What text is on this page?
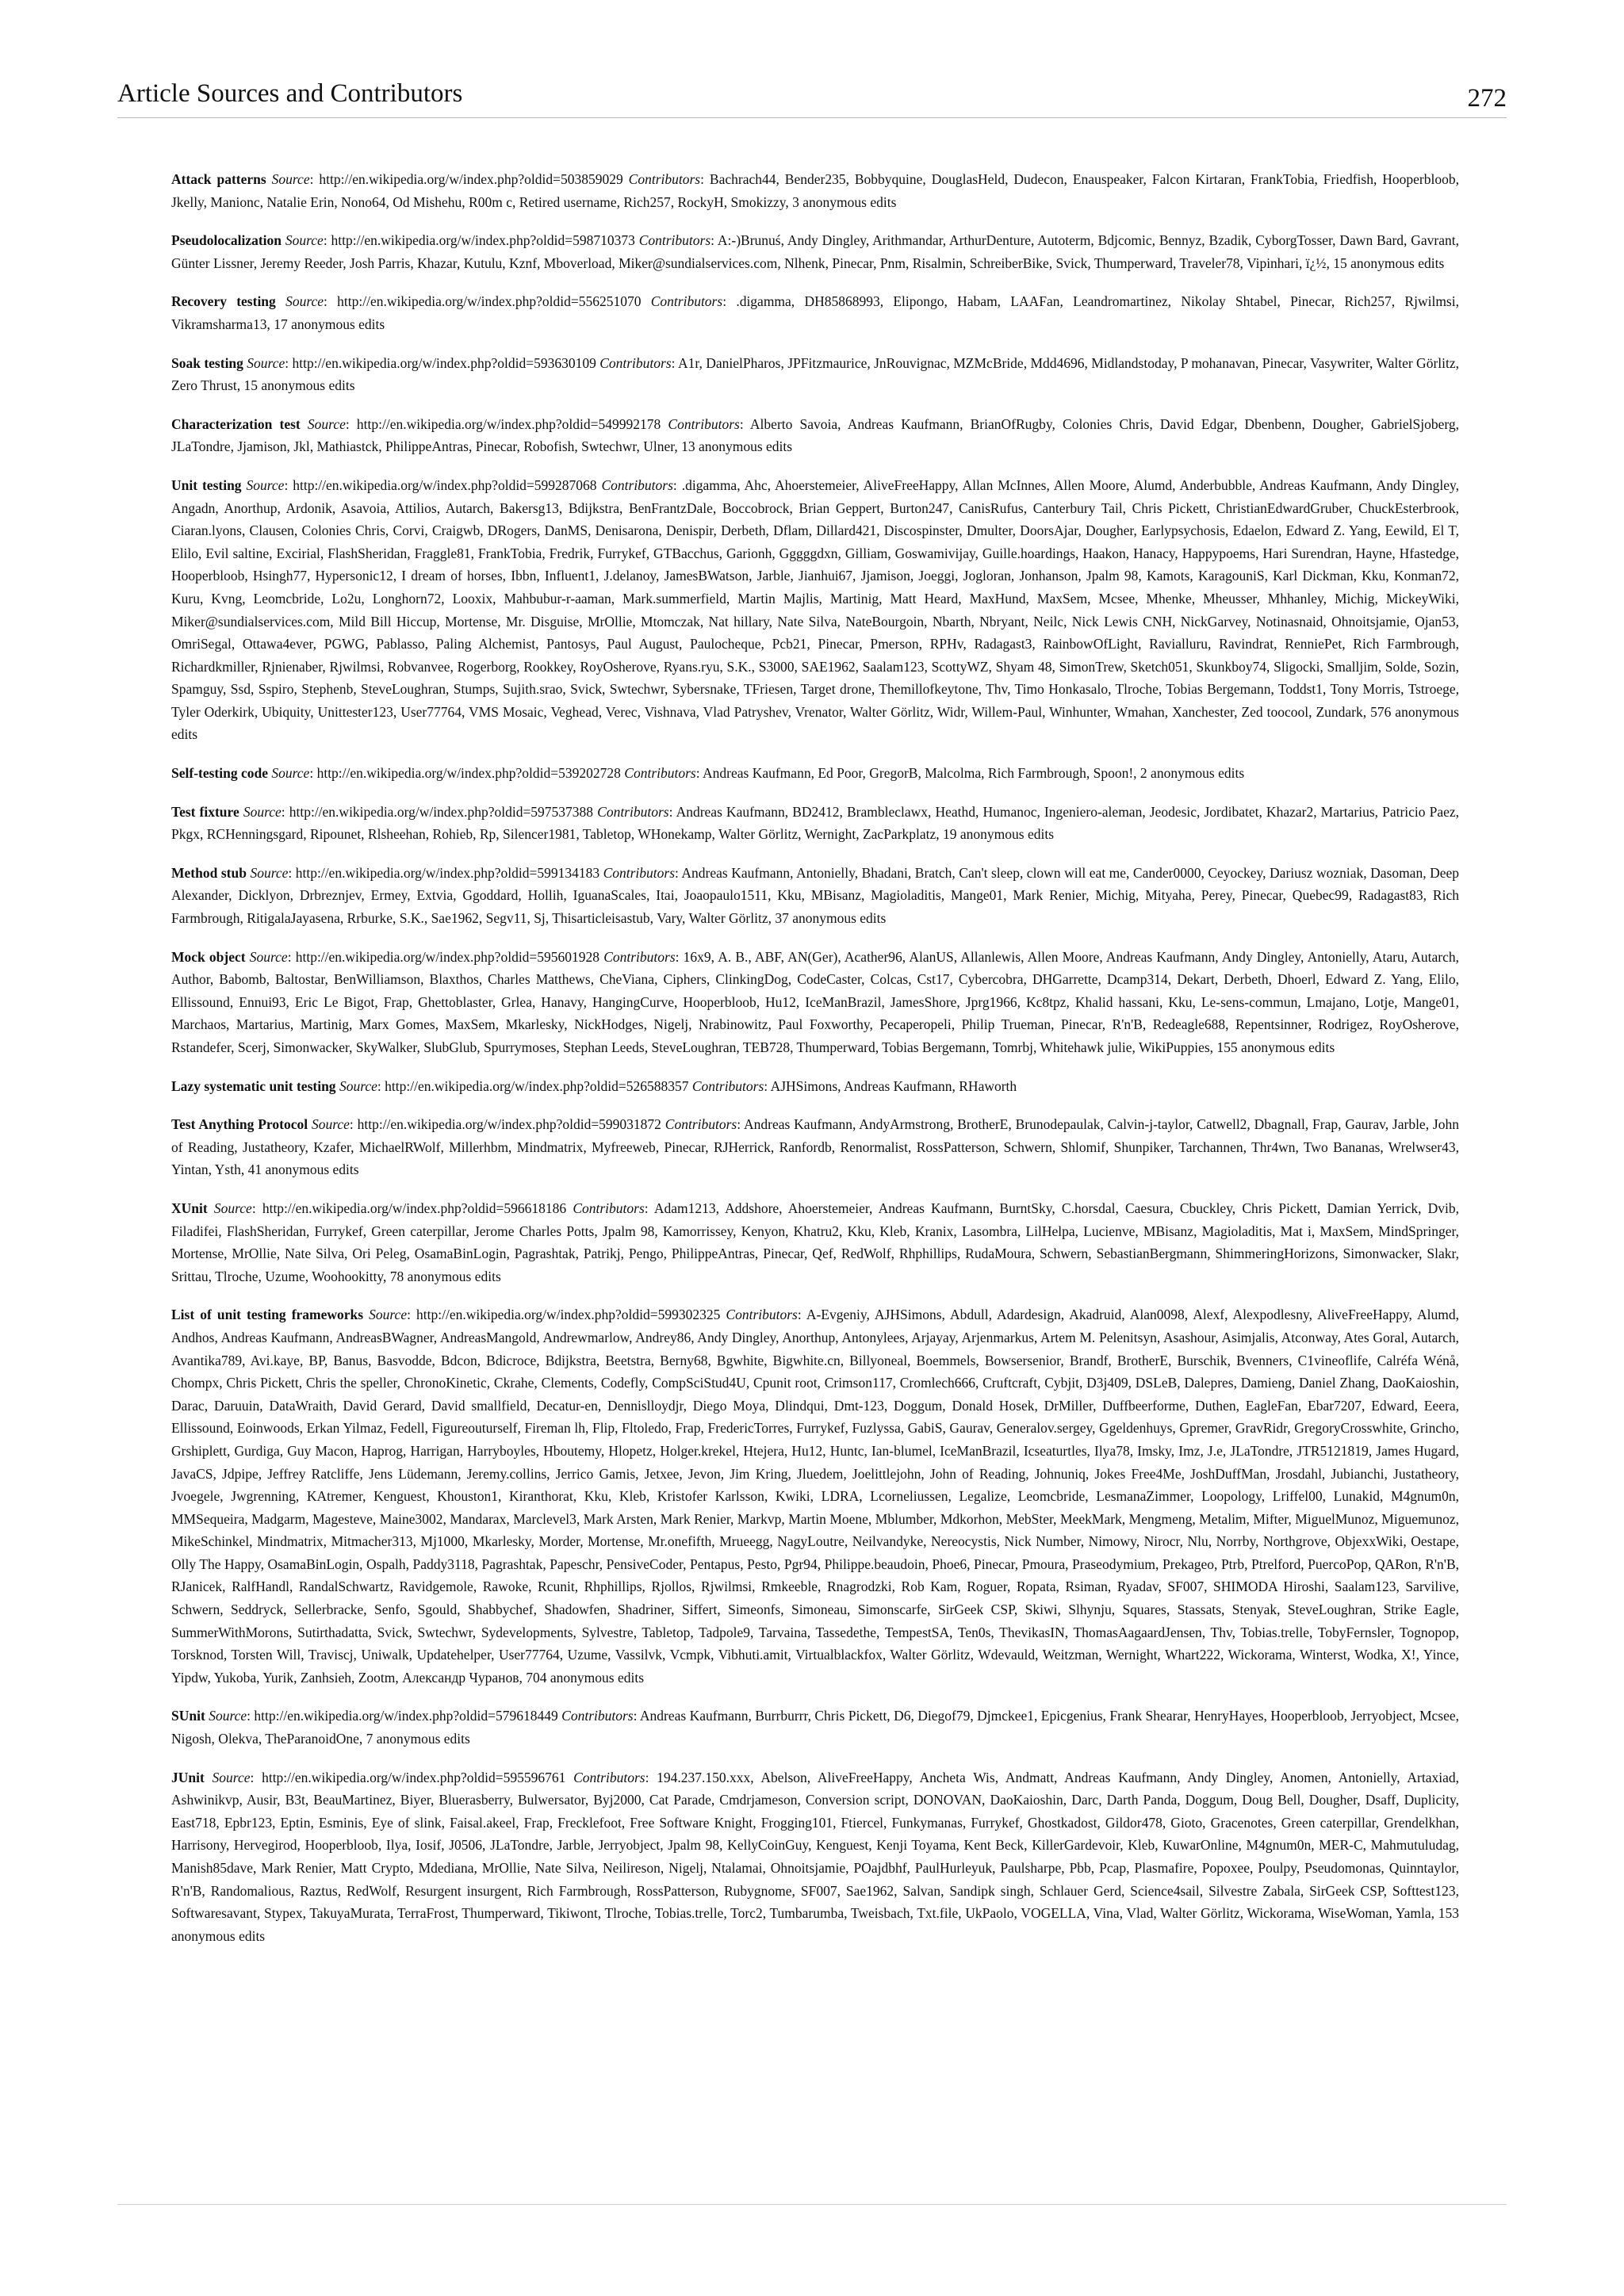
Article Sources and Contributors	272

Attack patterns Source: http://en.wikipedia.org/w/index.php?oldid=503859029 Contributors: Bachrach44, Bender235, Bobbyquine, DouglasHeld, Dudecon, Enauspeaker, Falcon Kirtaran, FrankTobia, Friedfish, Hooperbloob, Jkelly, Manionc, Natalie Erin, Nono64, Od Mishehu, R00m c, Retired username, Rich257, RockyH, Smokizzy, 3 anonymous edits

Pseudolocalization Source: http://en.wikipedia.org/w/index.php?oldid=598710373 Contributors: A:-)Brunuś, Andy Dingley, Arithmandar, ArthurDenture, Autoterm, Bdjcomic, Bennyz, Bzadik, CyborgTosser, Dawn Bard, Gavrant, Günter Lissner, Jeremy Reeder, Josh Parris, Khazar, Kutulu, Kznf, Mboverload, Miker@sundialservices.com, Nlhenk, Pinecar, Pnm, Risalmin, SchreiberBike, Svick, Thumperward, Traveler78, Vipinhari, ï¿½, 15 anonymous edits

Recovery testing Source: http://en.wikipedia.org/w/index.php?oldid=556251070 Contributors: .digamma, DH85868993, Elipongo, Habam, LAAFan, Leandromartinez, Nikolay Shtabel, Pinecar, Rich257, Rjwilmsi, Vikramsharma13, 17 anonymous edits

Soak testing Source: http://en.wikipedia.org/w/index.php?oldid=593630109 Contributors: A1r, DanielPharos, JPFitzmaurice, JnRouvignac, MZMcBride, Mdd4696, Midlandstoday, P mohanavan, Pinecar, Vasywriter, Walter Görlitz, Zero Thrust, 15 anonymous edits

Characterization test Source: http://en.wikipedia.org/w/index.php?oldid=549992178 Contributors: Alberto Savoia, Andreas Kaufmann, BrianOfRugby, Colonies Chris, David Edgar, Dbenbenn, Dougher, GabrielSjoberg, JLaTondre, Jjamison, Jkl, Mathiastck, PhilippeAntras, Pinecar, Robofish, Swtechwr, Ulner, 13 anonymous edits

Unit testing Source: http://en.wikipedia.org/w/index.php?oldid=599287068 Contributors: .digamma, Ahc, Ahoerstemeier, AliveFreeHappy, Allan McInnes, Allen Moore, Alumd, Anderbubble, Andreas Kaufmann, Andy Dingley, Angadn, Anorthup, Ardonik, Asavoia, Attilios, Autarch, Bakersg13, Bdijkstra, BenFrantzDale, Boccobrock, Brian Geppert, Burton247, CanisRufus, Canterbury Tail, Chris Pickett, ChristianEdwardGruber, ChuckEsterbrook, Ciaran.lyons, Clausen, Colonies Chris, Corvi, Craigwb, DRogers, DanMS, Denisarona, Denispir, Derbeth, Dflam, Dillard421, Discospinster, Dmulter, DoorsAjar, Dougher, Earlypsychosis, Edaelon, Edward Z. Yang, Eewild, El T, Elilo, Evil saltine, Excirial, FlashSheridan, Fraggle81, FrankTobia, Fredrik, Furrykef, GTBacchus, Garionh, Gggggdxn, Gilliam, Goswamivijay, Guille.hoardings, Haakon, Hanacy, Happypoems, Hari Surendran, Hayne, Hfastedge, Hooperbloob, Hsingh77, Hypersonic12, I dream of horses, Ibbn, Influent1, J.delanoy, JamesBWatson, Jarble, Jianhui67, Jjamison, Joeggi, Jogloran, Jonhanson, Jpalm 98, Kamots, KaragouniS, Karl Dickman, Kku, Konman72, Kuru, Kvng, Leomcbride, Lo2u, Longhorn72, Looxix, Mahbubur-r-aaman, Mark.summerfield, Martin Majlis, Martinig, Matt Heard, MaxHund, MaxSem, Mcsee, Mhenke, Mheusser, Mhhanley, Michig, MickeyWiki, Miker@sundialservices.com, Mild Bill Hiccup, Mortense, Mr. Disguise, MrOllie, Mtomczak, Nat hillary, Nate Silva, NateBourgoin, Nbarth, Nbryant, Neilc, Nick Lewis CNH, NickGarvey, Notinasnaid, Ohnoitsjamie, Ojan53, OmriSegal, Ottawa4ever, PGWG, Pablasso, Paling Alchemist, Pantosys, Paul August, Paulocheque, Pcb21, Pinecar, Pmerson, RPHv, Radagast3, RainbowOfLight, Ravialluru, Ravindrat, RenniePet, Rich Farmbrough, Richardkmiller, Rjnienaber, Rjwilmsi, Robvanvee, Rogerborg, Rookkey, RoyOsherove, Ryans.ryu, S.K., S3000, SAE1962, Saalam123, ScottyWZ, Shyam 48, SimonTrew, Sketch051, Skunkboy74, Sligocki, Smalljim, Solde, Sozin, Spamguy, Ssd, Sspiro, Stephenb, SteveLoughran, Stumps, Sujith.srao, Svick, Swtechwr, Sybersnake, TFriesen, Target drone, Themillofkeytone, Thv, Timo Honkasalo, Tlroche, Tobias Bergemann, Toddst1, Tony Morris, Tstroege, Tyler Oderkirk, Ubiquity, Unittester123, User77764, VMS Mosaic, Veghead, Verec, Vishnava, Vlad Patryshev, Vrenator, Walter Görlitz, Widr, Willem-Paul, Winhunter, Wmahan, Xanchester, Zed toocool, Zundark, 576 anonymous edits

Self-testing code Source: http://en.wikipedia.org/w/index.php?oldid=539202728 Contributors: Andreas Kaufmann, Ed Poor, GregorB, Malcolma, Rich Farmbrough, Spoon!, 2 anonymous edits

Test fixture Source: http://en.wikipedia.org/w/index.php?oldid=597537388 Contributors: Andreas Kaufmann, BD2412, Brambleclawx, Heathd, Humanoc, Ingeniero-aleman, Jeodesic, Jordibatet, Khazar2, Martarius, Patricio Paez, Pkgx, RCHenningsgard, Ripounet, Rlsheehan, Rohieb, Rp, Silencer1981, Tabletop, WHonekamp, Walter Görlitz, Wernight, ZacParkplatz, 19 anonymous edits

Method stub Source: http://en.wikipedia.org/w/index.php?oldid=599134183 Contributors: Andreas Kaufmann, Antonielly, Bhadani, Bratch, Can't sleep, clown will eat me, Cander0000, Ceyockey, Dariusz wozniak, Dasoman, Deep Alexander, Dicklyon, Drbreznjev, Ermey, Extvia, Ggoddard, Hollih, IguanaScales, Itai, Joaopaulo1511, Kku, MBisanz, Magioladitis, Mange01, Mark Renier, Michig, Mityaha, Perey, Pinecar, Quebec99, Radagast83, Rich Farmbrough, RitigalaJayasena, Rrburke, S.K., Sae1962, Segv11, Sj, Thisarticleisastub, Vary, Walter Görlitz, 37 anonymous edits

Mock object Source: http://en.wikipedia.org/w/index.php?oldid=595601928 Contributors: 16x9, A. B., ABF, AN(Ger), Acather96, AlanUS, Allanlewis, Allen Moore, Andreas Kaufmann, Andy Dingley, Antonielly, Ataru, Autarch, Author, Babomb, Baltostar, BenWilliamson, Blaxthos, Charles Matthews, CheViana, Ciphers, ClinkingDog, CodeCaster, Colcas, Cst17, Cybercobra, DHGarrette, Dcamp314, Dekart, Derbeth, Dhoerl, Edward Z. Yang, Elilo, Ellissound, Ennui93, Eric Le Bigot, Frap, Ghettoblaster, Grlea, Hanavy, HangingCurve, Hooperbloob, Hu12, IceManBrazil, JamesShore, Jprg1966, Kc8tpz, Khalid hassani, Kku, Le-sens-commun, Lmajano, Lotje, Mange01, Marchaos, Martarius, Martinig, Marx Gomes, MaxSem, Mkarlesky, NickHodges, Nigelj, Nrabinowitz, Paul Foxworthy, Pecaperopeli, Philip Trueman, Pinecar, R'n'B, Redeagle688, Repentsinner, Rodrigez, RoyOsherove, Rstandefer, Scerj, Simonwacker, SkyWalker, SlubGlub, Spurrymoses, Stephan Leeds, SteveLoughran, TEB728, Thumperward, Tobias Bergemann, Tomrbj, Whitehawk julie, WikiPuppies, 155 anonymous edits

Lazy systematic unit testing Source: http://en.wikipedia.org/w/index.php?oldid=526588357 Contributors: AJHSimons, Andreas Kaufmann, RHaworth

Test Anything Protocol Source: http://en.wikipedia.org/w/index.php?oldid=599031872 Contributors: Andreas Kaufmann, AndyArmstrong, BrotherE, Brunodepaulak, Calvin-j-taylor, Catwell2, Dbagnall, Frap, Gaurav, Jarble, John of Reading, Justatheory, Kzafer, MichaelRWolf, Millerhbm, Mindmatrix, Myfreeweb, Pinecar, RJHerrick, Ranfordb, Renormalist, RossPatterson, Schwern, Shlomif, Shunpiker, Tarchannen, Thr4wn, Two Bananas, Wrelwser43, Yintan, Ysth, 41 anonymous edits

XUnit Source: http://en.wikipedia.org/w/index.php?oldid=596618186 Contributors: Adam1213, Addshore, Ahoerstemeier, Andreas Kaufmann, BurntSky, C.horsdal, Caesura, Cbuckley, Chris Pickett, Damian Yerrick, Dvib, Filadifei, FlashSheridan, Furrykef, Green caterpillar, Jerome Charles Potts, Jpalm 98, Kamorrissey, Kenyon, Khatru2, Kku, Kleb, Kranix, Lasombra, LilHelpa, Lucienve, MBisanz, Magioladitis, Mat i, MaxSem, MindSpringer, Mortense, MrOllie, Nate Silva, Ori Peleg, OsamaBinLogin, Pagrashtak, Patrikj, Pengo, PhilippeAntras, Pinecar, Qef, RedWolf, Rhphillips, RudaMoura, Schwern, SebastianBergmann, ShimmeringHorizons, Simonwacker, Slakr, Srittau, Tlroche, Uzume, Woohookitty, 78 anonymous edits

List of unit testing frameworks Source: http://en.wikipedia.org/w/index.php?oldid=599302325 Contributors: A-Evgeniy, AJHSimons, Abdull, Adardesign, Akadruid, Alan0098, Alexf, Alexpodlesny, AliveFreeHappy, Alumd, Andhos, Andreas Kaufmann, AndreasBWagner, AndreasMangold, Andrewmarlow, Andrey86, Andy Dingley, Anorthup, Antonylees, Arjayay, Arjenmarkus, Artem M. Pelenitsyn, Asashour, Asimjalis, Atconway, Ates Goral, Autarch, Avantika789, Avi.kaye, BP, Banus, Basvodde, Bdcon, Bdicroce, Bdijkstra, Beetstra, Berny68, Bgwhite, Bigwhite.cn, Billyoneal, Boemmels, Bowsersenior, Brandf, BrotherE, Burschik, Bvenners, C1vineoflife, Calréfa Wénå, Chompx, Chris Pickett, Chris the speller, ChronoKinetic, Ckrahe, Clements, Codefly, CompSciStud4U, Cpunit root, Crimson117, Cromlech666, Cruftcraft, Cybjit, D3j409, DSLeB, Dalepres, Damieng, Daniel Zhang, DaoKaioshin, Darac, Daruuin, DataWraith, David Gerard, David smallfield, Decatur-en, Dennislloydjr, Diego Moya, Dlindqui, Dmt-123, Doggum, Donald Hosek, DrMiller, Duffbeerforme, Duthen, EagleFan, Ebar7207, Edward, Eeera, Ellissound, Eoinwoods, Erkan Yilmaz, Fedell, Figureouturself, Fireman lh, Flip, Fltoledo, Frap, FredericTorres, Furrykef, Fuzlyssa, GabiS, Gaurav, Generalov.sergey, Ggeldenhuys, Gpremer, GravRidr, GregoryCrosswhite, Grincho, Grshiplett, Gurdiga, Guy Macon, Haprog, Harrigan, Harryboyles, Hboutemy, Hlopetz, Holger.krekel, Htejera, Hu12, Huntc, Ian-blumel, IceManBrazil, Icseaturtles, Ilya78, Imsky, Imz, J.e, JLaTondre, JTR5121819, James Hugard, JavaCS, Jdpipe, Jeffrey Ratcliffe, Jens Lüdemann, Jeremy.collins, Jerrico Gamis, Jetxee, Jevon, Jim Kring, Jluedem, Joelittlejohn, John of Reading, Johnuniq, Jokes Free4Me, JoshDuffMan, Jrosdahl, Jubianchi, Justatheory, Jvoegele, Jwgrenning, KAtremer, Kenguest, Khouston1, Kiranthorat, Kku, Kleb, Kristofer Karlsson, Kwiki, LDRA, Lcorneliussen, Legalize, Leomcbride, LesmanaZimmer, Loopology, Lriffel00, Lunakid, M4gnum0n, MMSequeira, Madgarm, Magesteve, Maine3002, Mandarax, Marclevel3, Mark Arsten, Mark Renier, Markvp, Martin Moene, Mblumber, Mdkorhon, MebSter, MeekMark, Mengmeng, Metalim, Mifter, MiguelMunoz, Miguemunoz, MikeSchinkel, Mindmatrix, Mitmacher313, Mj1000, Mkarlesky, Morder, Mortense, Mr.onefifth, Mrueegg, NagyLoutre, Neilvandyke, Nereocystis, Nick Number, Nimowy, Nirocr, Nlu, Norrby, Northgrove, ObjexxWiki, Oestape, Olly The Happy, OsamaBinLogin, Ospalh, Paddy3118, Pagrashtak, Papeschr, PensiveCoder, Pentapus, Pesto, Pgr94, Philippe.beaudoin, Phoe6, Pinecar, Pmoura, Praseodymium, Prekageo, Ptrb, Ptrelford, PuercoPop, QARon, R'n'B, RJanicek, RalfHandl, RandalSchwartz, Ravidgemole, Rawoke, Rcunit, Rhphillips, Rjollos, Rjwilmsi, Rmkeeble, Rnagrodzki, Rob Kam, Roguer, Ropata, Rsiman, Ryadav, SF007, SHIMODA Hiroshi, Saalam123, Sarvilive, Schwern, Seddryck, Sellerbracke, Senfo, Sgould, Shabbychef, Shadowfen, Shadriner, Siffert, Simeonfs, Simoneau, Simonscarfe, SirGeek CSP, Skiwi, Slhynju, Squares, Stassats, Stenyak, SteveLoughran, Strike Eagle, SummerWithMorons, Sutirthadatta, Svick, Swtechwr, Sydevelopments, Sylvestre, Tabletop, Tadpole9, Tarvaina, Tassedethe, TempestSA, Ten0s, ThevikasIN, ThomasAagaardJensen, Thv, Tobias.trelle, TobyFernsler, Tognopop, Torsknod, Torsten Will, Traviscj, Uniwalk, Updatehelper, User77764, Uzume, Vassilvk, Vcmpk, Vibhuti.amit, Virtualblackfox, Walter Görlitz, Wdevauld, Weitzman, Wernight, Whart222, Wickorama, Winterst, Wodka, X!, Yince, Yipdw, Yukoba, Yurik, Zanhsieh, Zootm, Александр Чуранов, 704 anonymous edits

SUnit Source: http://en.wikipedia.org/w/index.php?oldid=579618449 Contributors: Andreas Kaufmann, Burrburrr, Chris Pickett, D6, Diegof79, Djmckee1, Epicgenius, Frank Shearar, HenryHayes, Hooperbloob, Jerryobject, Mcsee, Nigosh, Olekva, TheParanoidOne, 7 anonymous edits

JUnit Source: http://en.wikipedia.org/w/index.php?oldid=595596761 Contributors: 194.237.150.xxx, Abelson, AliveFreeHappy, Ancheta Wis, Andmatt, Andreas Kaufmann, Andy Dingley, Anomen, Antonielly, Artaxiad, Ashwinikvp, Ausir, B3t, BeauMartinez, Biyer, Bluerasberry, Bulwersator, Byj2000, Cat Parade, Cmdrjameson, Conversion script, DONOVAN, DaoKaioshin, Darc, Darth Panda, Doggum, Doug Bell, Dougher, Dsaff, Duplicity, East718, Epbr123, Eptin, Esminis, Eye of slink, Faisal.akeel, Frap, Frecklefoot, Free Software Knight, Frogging101, Ftiercel, Funkymanas, Furrykef, Ghostkadost, Gildor478, Gioto, Gracenotes, Green caterpillar, Grendelkhan, Harrisony, Hervegirod, Hooperbloob, Ilya, Iosif, J0506, JLaTondre, Jarble, Jerryobject, Jpalm 98, KellyCoinGuy, Kenguest, Kenji Toyama, Kent Beck, KillerGardevoir, Kleb, KuwarOnline, M4gnum0n, MER-C, Mahmutuludag, Manish85dave, Mark Renier, Matt Crypto, Mdediana, MrOllie, Nate Silva, Neilireson, Nigelj, Ntalamai, Ohnoitsjamie, POajdbhf, PaulHurleyuk, Paulsharpe, Pbb, Pcap, Plasmafire, Popoxee, Poulpy, Pseudomonas, Quinntaylor, R'n'B, Randomalious, Raztus, RedWolf, Resurgent insurgent, Rich Farmbrough, RossPatterson, Rubygnome, SF007, Sae1962, Salvan, Sandipk singh, Schlauer Gerd, Science4sail, Silvestre Zabala, SirGeek CSP, Softtest123, Softwaresavant, Stypex, TakuyaMurata, TerraFrost, Thumperward, Tikiwont, Tlroche, Tobias.trelle, Torc2, Tumbarumba, Tweisbach, Txt.file, UkPaolo, VOGELLA, Vina, Vlad, Walter Görlitz, Wickorama, WiseWoman, Yamla, 153 anonymous edits
